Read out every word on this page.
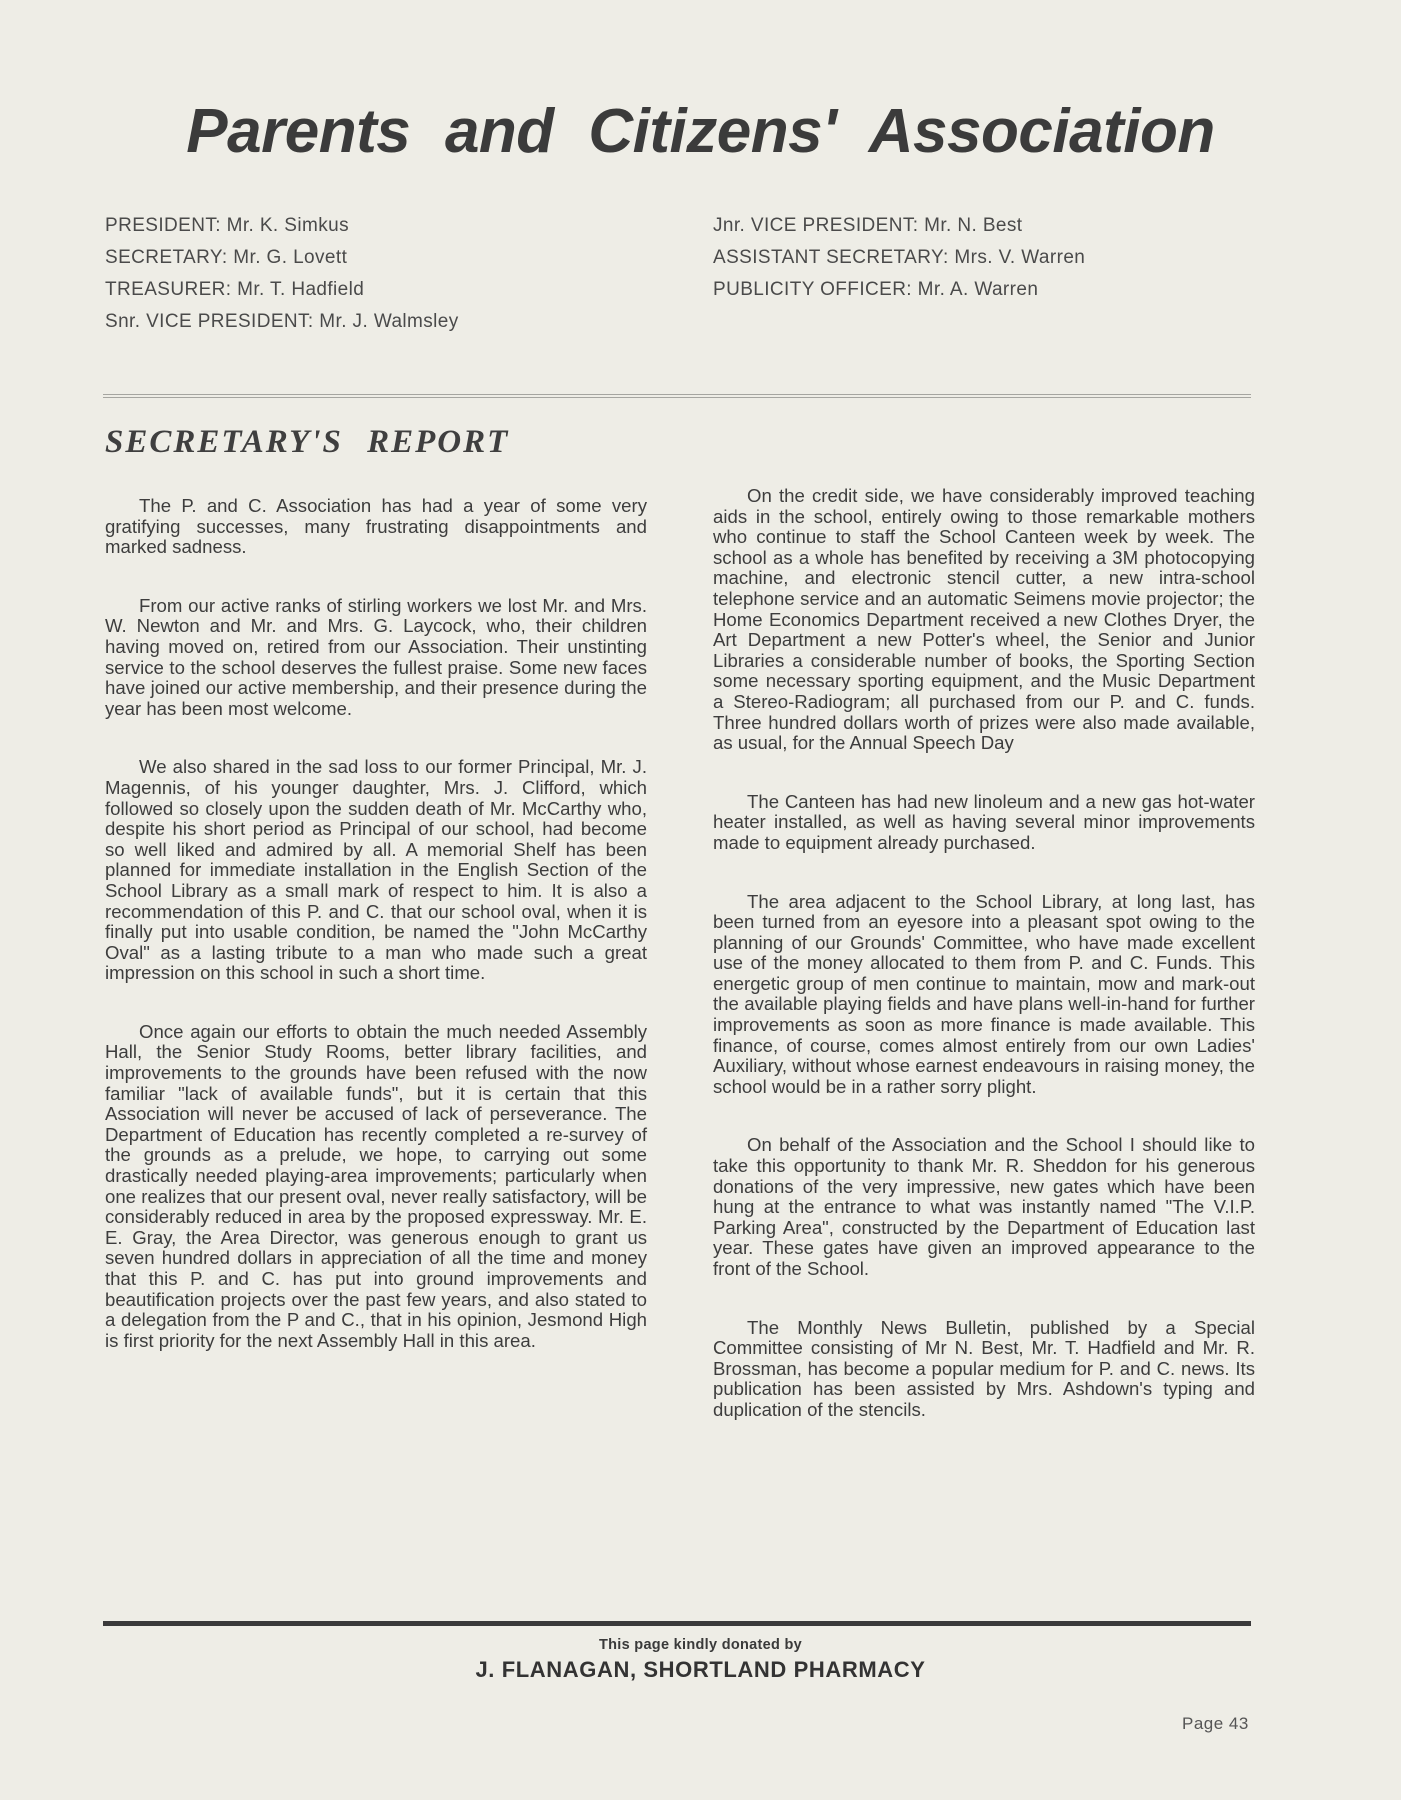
Parents and Citizens' Association
PRESIDENT: Mr. K. Simkus
SECRETARY: Mr. G. Lovett
TREASURER: Mr. T. Hadfield
Snr. VICE PRESIDENT: Mr. J. Walmsley
Jnr. VICE PRESIDENT: Mr. N. Best
ASSISTANT SECRETARY: Mrs. V. Warren
PUBLICITY OFFICER: Mr. A. Warren
SECRETARY'S REPORT

The P. and C. Association has had a year of some very gratifying successes, many frustrating disappointments and marked sadness.

From our active ranks of stirling workers we lost Mr. and Mrs. W. Newton and Mr. and Mrs. G. Laycock, who, their children having moved on, retired from our Association. Their unstinting service to the school deserves the fullest praise. Some new faces have joined our active membership, and their presence during the year has been most welcome.

We also shared in the sad loss to our former Principal, Mr. J. Magennis, of his younger daughter, Mrs. J. Clifford, which followed so closely upon the sudden death of Mr. McCarthy who, despite his short period as Principal of our school, had become so well liked and admired by all. A memorial Shelf has been planned for immediate installation in the English Section of the School Library as a small mark of respect to him. It is also a recommendation of this P. and C. that our school oval, when it is finally put into usable condition, be named the "John McCarthy Oval" as a lasting tribute to a man who made such a great impression on this school in such a short time.

Once again our efforts to obtain the much needed Assembly Hall, the Senior Study Rooms, better library facilities, and improvements to the grounds have been refused with the now familiar "lack of available funds", but it is certain that this Association will never be accused of lack of perseverance. The Department of Education has recently completed a re-survey of the grounds as a prelude, we hope, to carrying out some drastically needed playing-area improvements; particularly when one realizes that our present oval, never really satisfactory, will be considerably reduced in area by the proposed expressway. Mr. E. E. Gray, the Area Director, was generous enough to grant us seven hundred dollars in appreciation of all the time and money that this P. and C. has put into ground improvements and beautification projects over the past few years, and also stated to a delegation from the P and C., that in his opinion, Jesmond High is first priority for the next Assembly Hall in this area.

On the credit side, we have considerably improved teaching aids in the school, entirely owing to those remarkable mothers who continue to staff the School Canteen week by week. The school as a whole has benefited by receiving a 3M photocopying machine, and electronic stencil cutter, a new intra-school telephone service and an automatic Seimens movie projector; the Home Economics Department received a new Clothes Dryer, the Art Department a new Potter's wheel, the Senior and Junior Libraries a considerable number of books, the Sporting Section some necessary sporting equipment, and the Music Department a Stereo-Radiogram; all purchased from our P. and C. funds. Three hundred dollars worth of prizes were also made available, as usual, for the Annual Speech Day

The Canteen has had new linoleum and a new gas hot-water heater installed, as well as having several minor improvements made to equipment already purchased.

The area adjacent to the School Library, at long last, has been turned from an eyesore into a pleasant spot owing to the planning of our Grounds' Committee, who have made excellent use of the money allocated to them from P. and C. Funds. This energetic group of men continue to maintain, mow and mark-out the available playing fields and have plans well-in-hand for further improvements as soon as more finance is made available. This finance, of course, comes almost entirely from our own Ladies' Auxiliary, without whose earnest endeavours in raising money, the school would be in a rather sorry plight.

On behalf of the Association and the School I should like to take this opportunity to thank Mr. R. Sheddon for his generous donations of the very impressive, new gates which have been hung at the entrance to what was instantly named "The V.I.P. Parking Area", constructed by the Department of Education last year. These gates have given an improved appearance to the front of the School.

The Monthly News Bulletin, published by a Special Committee consisting of Mr N. Best, Mr. T. Hadfield and Mr. R. Brossman, has become a popular medium for P. and C. news. Its publication has been assisted by Mrs. Ashdown's typing and duplication of the stencils.

This page kindly donated by
J. FLANAGAN, SHORTLAND PHARMACY
Page 43
